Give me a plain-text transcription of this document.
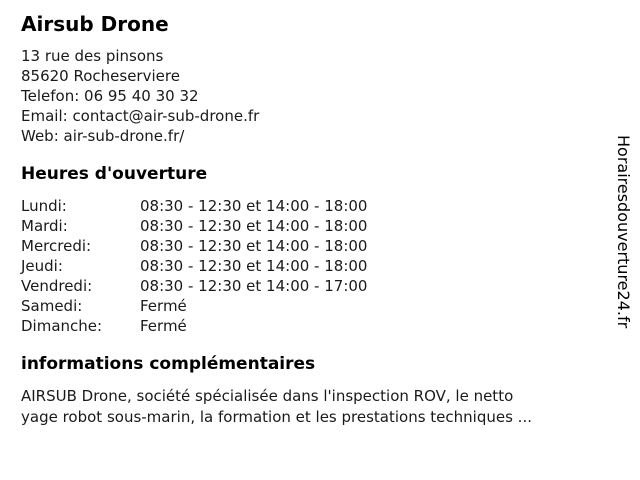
Airsub Drone
13 rue des pinsons
85620 Rocheserviere
Telefon: 06 95 40 30 32
Email: contact@air-sub-drone.fr
Web: air-sub-drone.fr/
Heures d'ouverture
Lundi:	08:30 - 12:30 et 14:00 - 18:00
Mardi:	08:30 - 12:30 et 14:00 - 18:00
Mercredi:	08:30 - 12:30 et 14:00 - 18:00
Jeudi:	08:30 - 12:30 et 14:00 - 18:00
Vendredi:	08:30 - 12:30 et 14:00 - 17:00
Samedi:	Fermé
Dimanche:	Fermé
informations complémentaires
AIRSUB Drone, société spécialisée dans l'inspection ROV, le netto
yage robot sous-marin, la formation et les prestations techniques ...
Horairesdouverture24.fr
